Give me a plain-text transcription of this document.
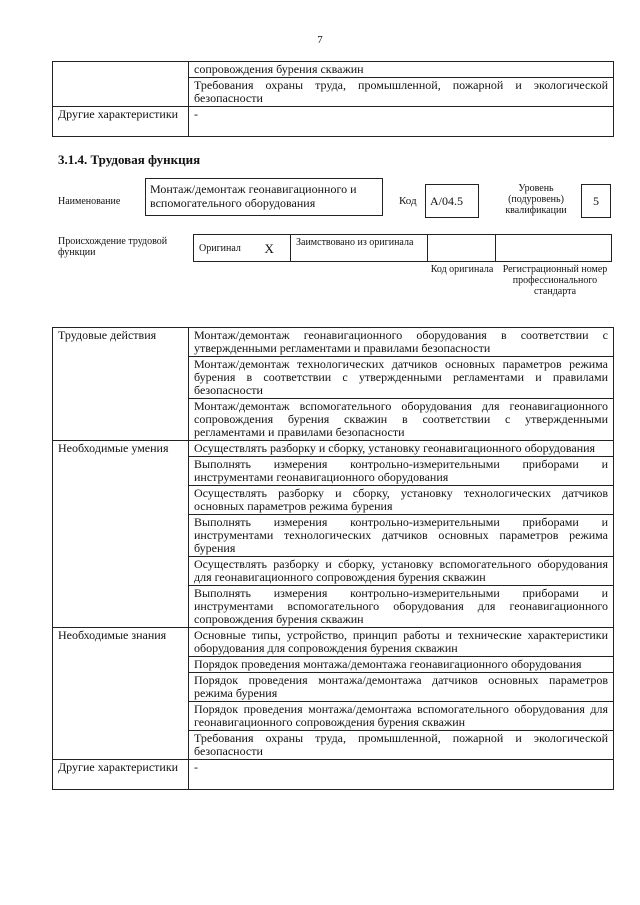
7
	сопровождения бурения скважин
	Требования охраны труда, промышленной, пожарной и экологической безопасности
Другие характеристики	-
3.1.4. Трудовая функция
Наименование
Монтаж/демонтаж геонавигационного и вспомогательного оборудования	Код	A/04.5
Уровень (подуровень) квалификации
5
Происхождение трудовой функции	Оригинал	X	Заимствовано из оригинала		
Код оригинала Регистрационный номер профессионального стандарта
Трудовые действия	Монтаж/демонтаж геонавигационного оборудования в соответствии с утвержденными регламентами и правилами безопасности
	Монтаж/демонтаж технологических датчиков основных параметров режима бурения в соответствии с утвержденными регламентами и правилами безопасности
	Монтаж/демонтаж вспомогательного оборудования для геонавигационного сопровождения бурения скважин в соответствии с утвержденными регламентами и правилами безопасности
Необходимые умения	Осуществлять разборку и сборку, установку геонавигационного оборудования
	Выполнять измерения контрольно-измерительными приборами и инструментами геонавигационного оборудования
	Осуществлять разборку и сборку, установку технологических датчиков основных параметров режима бурения
	Выполнять измерения контрольно-измерительными приборами и инструментами технологических датчиков основных параметров режима бурения
	Осуществлять разборку и сборку, установку вспомогательного оборудования для геонавигационного сопровождения бурения скважин
	Выполнять измерения контрольно-измерительными приборами и инструментами вспомогательного оборудования для геонавигационного сопровождения бурения скважин
Необходимые знания	Основные типы, устройство, принцип работы и технические характеристики оборудования для сопровождения бурения скважин
	Порядок проведения монтажа/демонтажа геонавигационного оборудования
	Порядок проведения монтажа/демонтажа датчиков основных параметров режима бурения
	Порядок проведения монтажа/демонтажа вспомогательного оборудования для геонавигационного сопровождения бурения скважин
	Требования охраны труда, промышленной, пожарной и экологической безопасности
Другие характеристики	-
